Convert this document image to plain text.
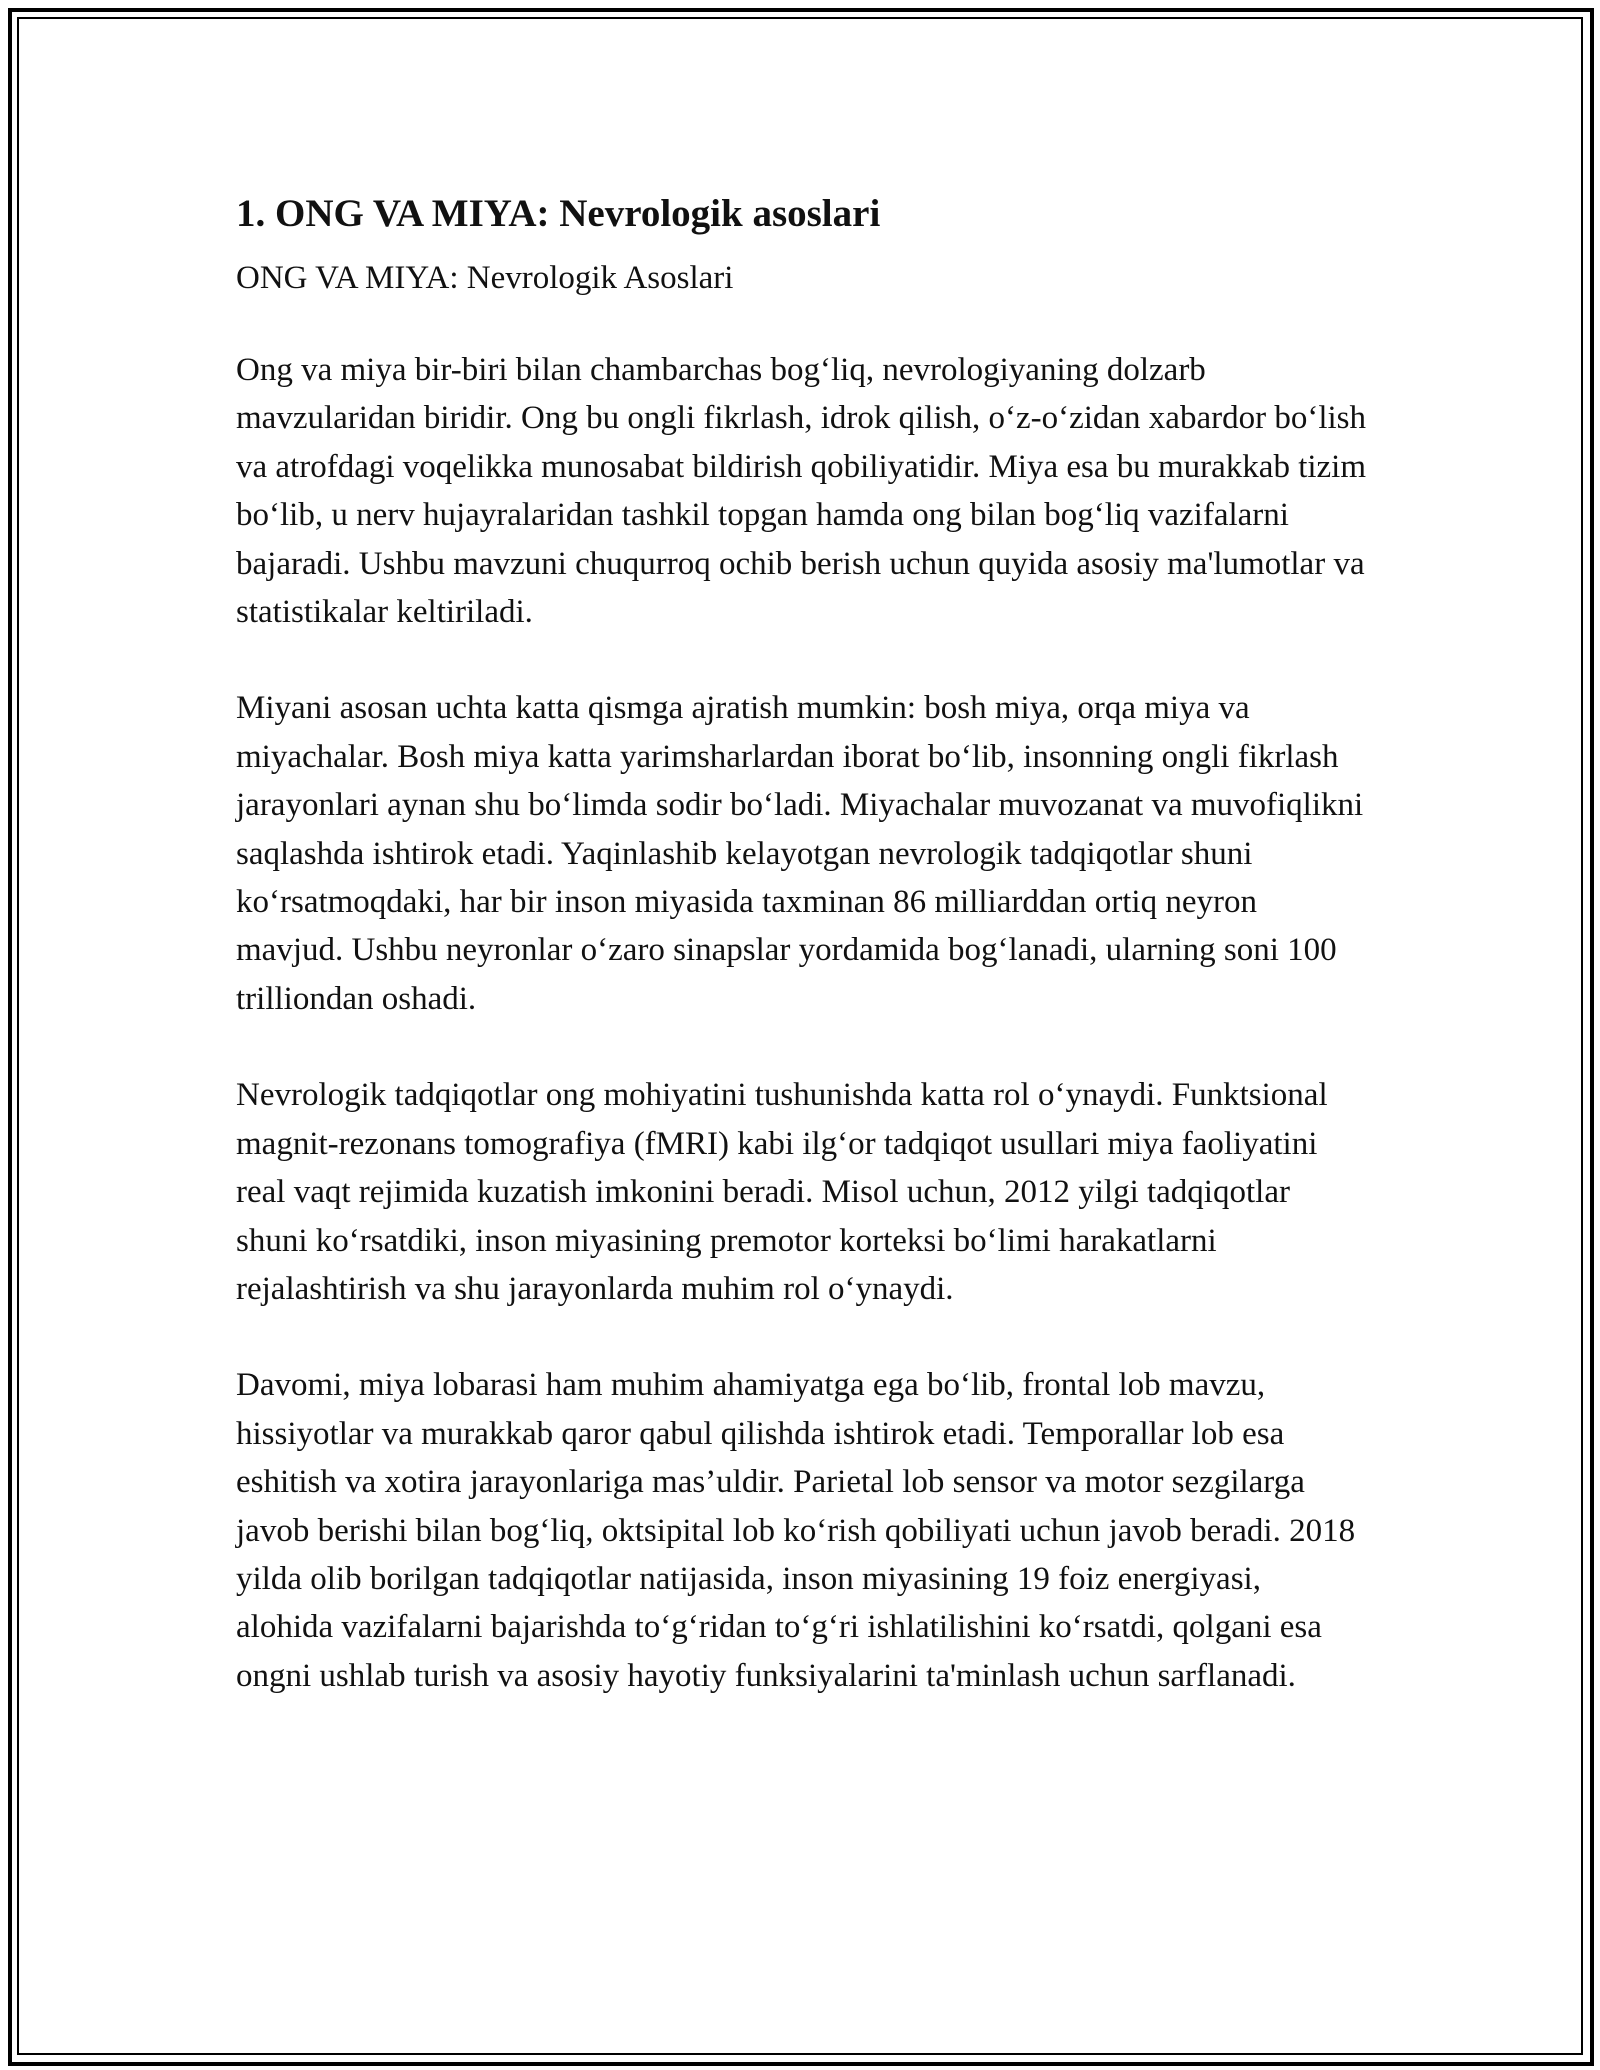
1. ONG VA MIYA: Nevrologik asoslari
ONG VA MIYA: Nevrologik Asoslari

Ong va miya bir-biri bilan chambarchas bog‘liq, nevrologiyaning dolzarb mavzularidan biridir. Ong bu ongli fikrlash, idrok qilish, o‘z-o‘zidan xabardor bo‘lish va atrofdagi voqelikka munosabat bildirish qobiliyatidir. Miya esa bu murakkab tizim bo‘lib, u nerv hujayralaridan tashkil topgan hamda ong bilan bog‘liq vazifalarni bajaradi. Ushbu mavzuni chuqurroq ochib berish uchun quyida asosiy ma'lumotlar va statistikalar keltiriladi.

Miyani asosan uchta katta qismga ajratish mumkin: bosh miya, orqa miya va miyachalar. Bosh miya katta yarimsharlardan iborat bo‘lib, insonning ongli fikrlash jarayonlari aynan shu bo‘limda sodir bo‘ladi. Miyachalar muvozanat va muvofiqlikni saqlashda ishtirok etadi. Yaqinlashib kelayotgan nevrologik tadqiqotlar shuni ko‘rsatmoqdaki, har bir inson miyasida taxminan 86 milliarddan ortiq neyron mavjud. Ushbu neyronlar o‘zaro sinapslar yordamida bog‘lanadi, ularning soni 100 trilliondan oshadi.

Nevrologik tadqiqotlar ong mohiyatini tushunishda katta rol o‘ynaydi. Funktsional magnit-rezonans tomografiya (fMRI) kabi ilg‘or tadqiqot usullari miya faoliyatini real vaqt rejimida kuzatish imkonini beradi. Misol uchun, 2012 yilgi tadqiqotlar shuni ko‘rsatdiki, inson miyasining premotor korteksi bo‘limi harakatlarni rejalashtirish va shu jarayonlarda muhim rol o‘ynaydi.

Davomi, miya lobarasi ham muhim ahamiyatga ega bo‘lib, frontal lob mavzu, hissiyotlar va murakkab qaror qabul qilishda ishtirok etadi. Temporallar lob esa eshitish va xotira jarayonlariga mas’uldir. Parietal lob sensor va motor sezgilarga javob berishi bilan bog‘liq, oktsipital lob ko‘rish qobiliyati uchun javob beradi. 2018 yilda olib borilgan tadqiqotlar natijasida, inson miyasining 19 foiz energiyasi, alohida vazifalarni bajarishda to‘g‘ridan to‘g‘ri ishlatilishini ko‘rsatdi, qolgani esa ongni ushlab turish va asosiy hayotiy funksiyalarini ta'minlash uchun sarflanadi.
